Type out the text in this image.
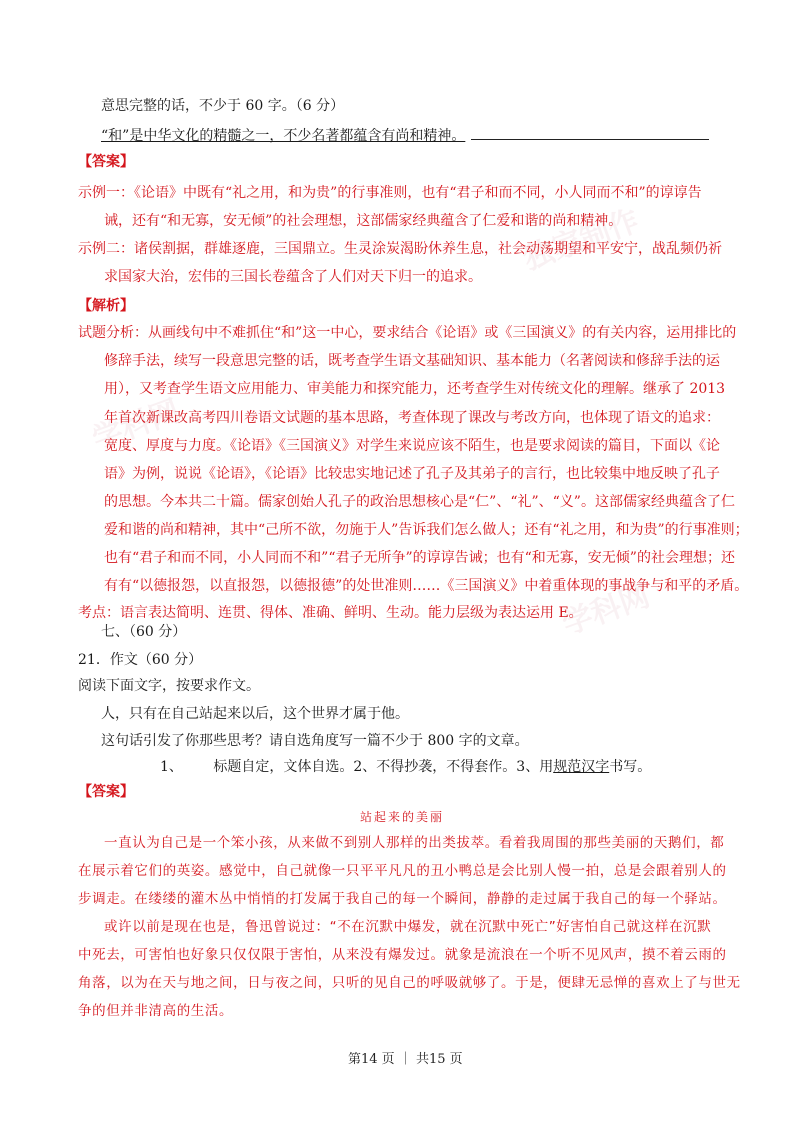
独家制作
学科网
学科网
意思完整的话，不少于 60 字。（6 分）
“和”是中华文化的精髓之一，不少名著都蕴含有尚和精神。
【答案】
示例一：《论语》中既有“礼之用，和为贵”的行事准则，也有“君子和而不同，小人同而不和”的谆谆告
诫，还有“和无寡，安无倾”的社会理想，这部儒家经典蕴含了仁爱和谐的尚和精神。
示例二：诸侯割据，群雄逐鹿，三国鼎立。生灵涂炭渴盼休养生息，社会动荡期望和平安宁，战乱频仍祈
求国家大治，宏伟的三国长卷蕴含了人们对天下归一的追求。
【解析】
试题分析：从画线句中不难抓住“和”这一中心，要求结合《论语》或《三国演义》的有关内容，运用排比的
修辞手法，续写一段意思完整的话，既考查学生语文基础知识、基本能力（名著阅读和修辞手法的运
用），又考查学生语文应用能力、审美能力和探究能力，还考查学生对传统文化的理解。继承了 2013
年首次新课改高考四川卷语文试题的基本思路，考查体现了课改与考改方向，也体现了语文的追求：
宽度、厚度与力度。《论语》《三国演义》对学生来说应该不陌生，也是要求阅读的篇目，下面以《论
语》为例，说说《论语》，《论语》比较忠实地记述了孔子及其弟子的言行，也比较集中地反映了孔子
的思想。今本共二十篇。儒家创始人孔子的政治思想核心是“仁”、“礼”、“义”。这部儒家经典蕴含了仁
爱和谐的尚和精神，其中“己所不欲，勿施于人”告诉我们怎么做人；还有“礼之用，和为贵”的行事准则；
也有“君子和而不同，小人同而不和”“君子无所争”的谆谆告诫；也有“和无寡，安无倾”的社会理想；还
有有“以德报怨，以直报怨，以德报德”的处世准则……《三国演义》中着重体现的事战争与和平的矛盾。
考点：语言表达简明、连贯、得体、准确、鲜明、生动。能力层级为表达运用 E。
七、（60 分）
21．作文（60 分）
阅读下面文字，按要求作文。
人，只有在自己站起来以后，这个世界才属于他。
这句话引发了你那些思考？请自选角度写一篇不少于 800 字的文章。
1、 标题自定，文体自选。2、不得抄袭，不得套作。3、用规范汉字书写。
【答案】
站起来的美丽
一直认为自己是一个笨小孩，从来做不到别人那样的出类拔萃。看着我周围的那些美丽的天鹅们，都
在展示着它们的英姿。感觉中，自己就像一只平平凡凡的丑小鸭总是会比别人慢一拍，总是会跟着别人的
步调走。在缕缕的灌木丛中悄悄的打发属于我自己的每一个瞬间，静静的走过属于我自己的每一个驿站。
或许以前是现在也是，鲁迅曾说过：“不在沉默中爆发，就在沉默中死亡”好害怕自己就这样在沉默
中死去，可害怕也好象只仅仅限于害怕，从来没有爆发过。就象是流浪在一个听不见风声，摸不着云雨的
角落，以为在天与地之间，日与夜之间，只听的见自己的呼吸就够了。于是，便肆无忌惮的喜欢上了与世无
争的但并非清高的生活。
第14 页 ｜ 共15 页
